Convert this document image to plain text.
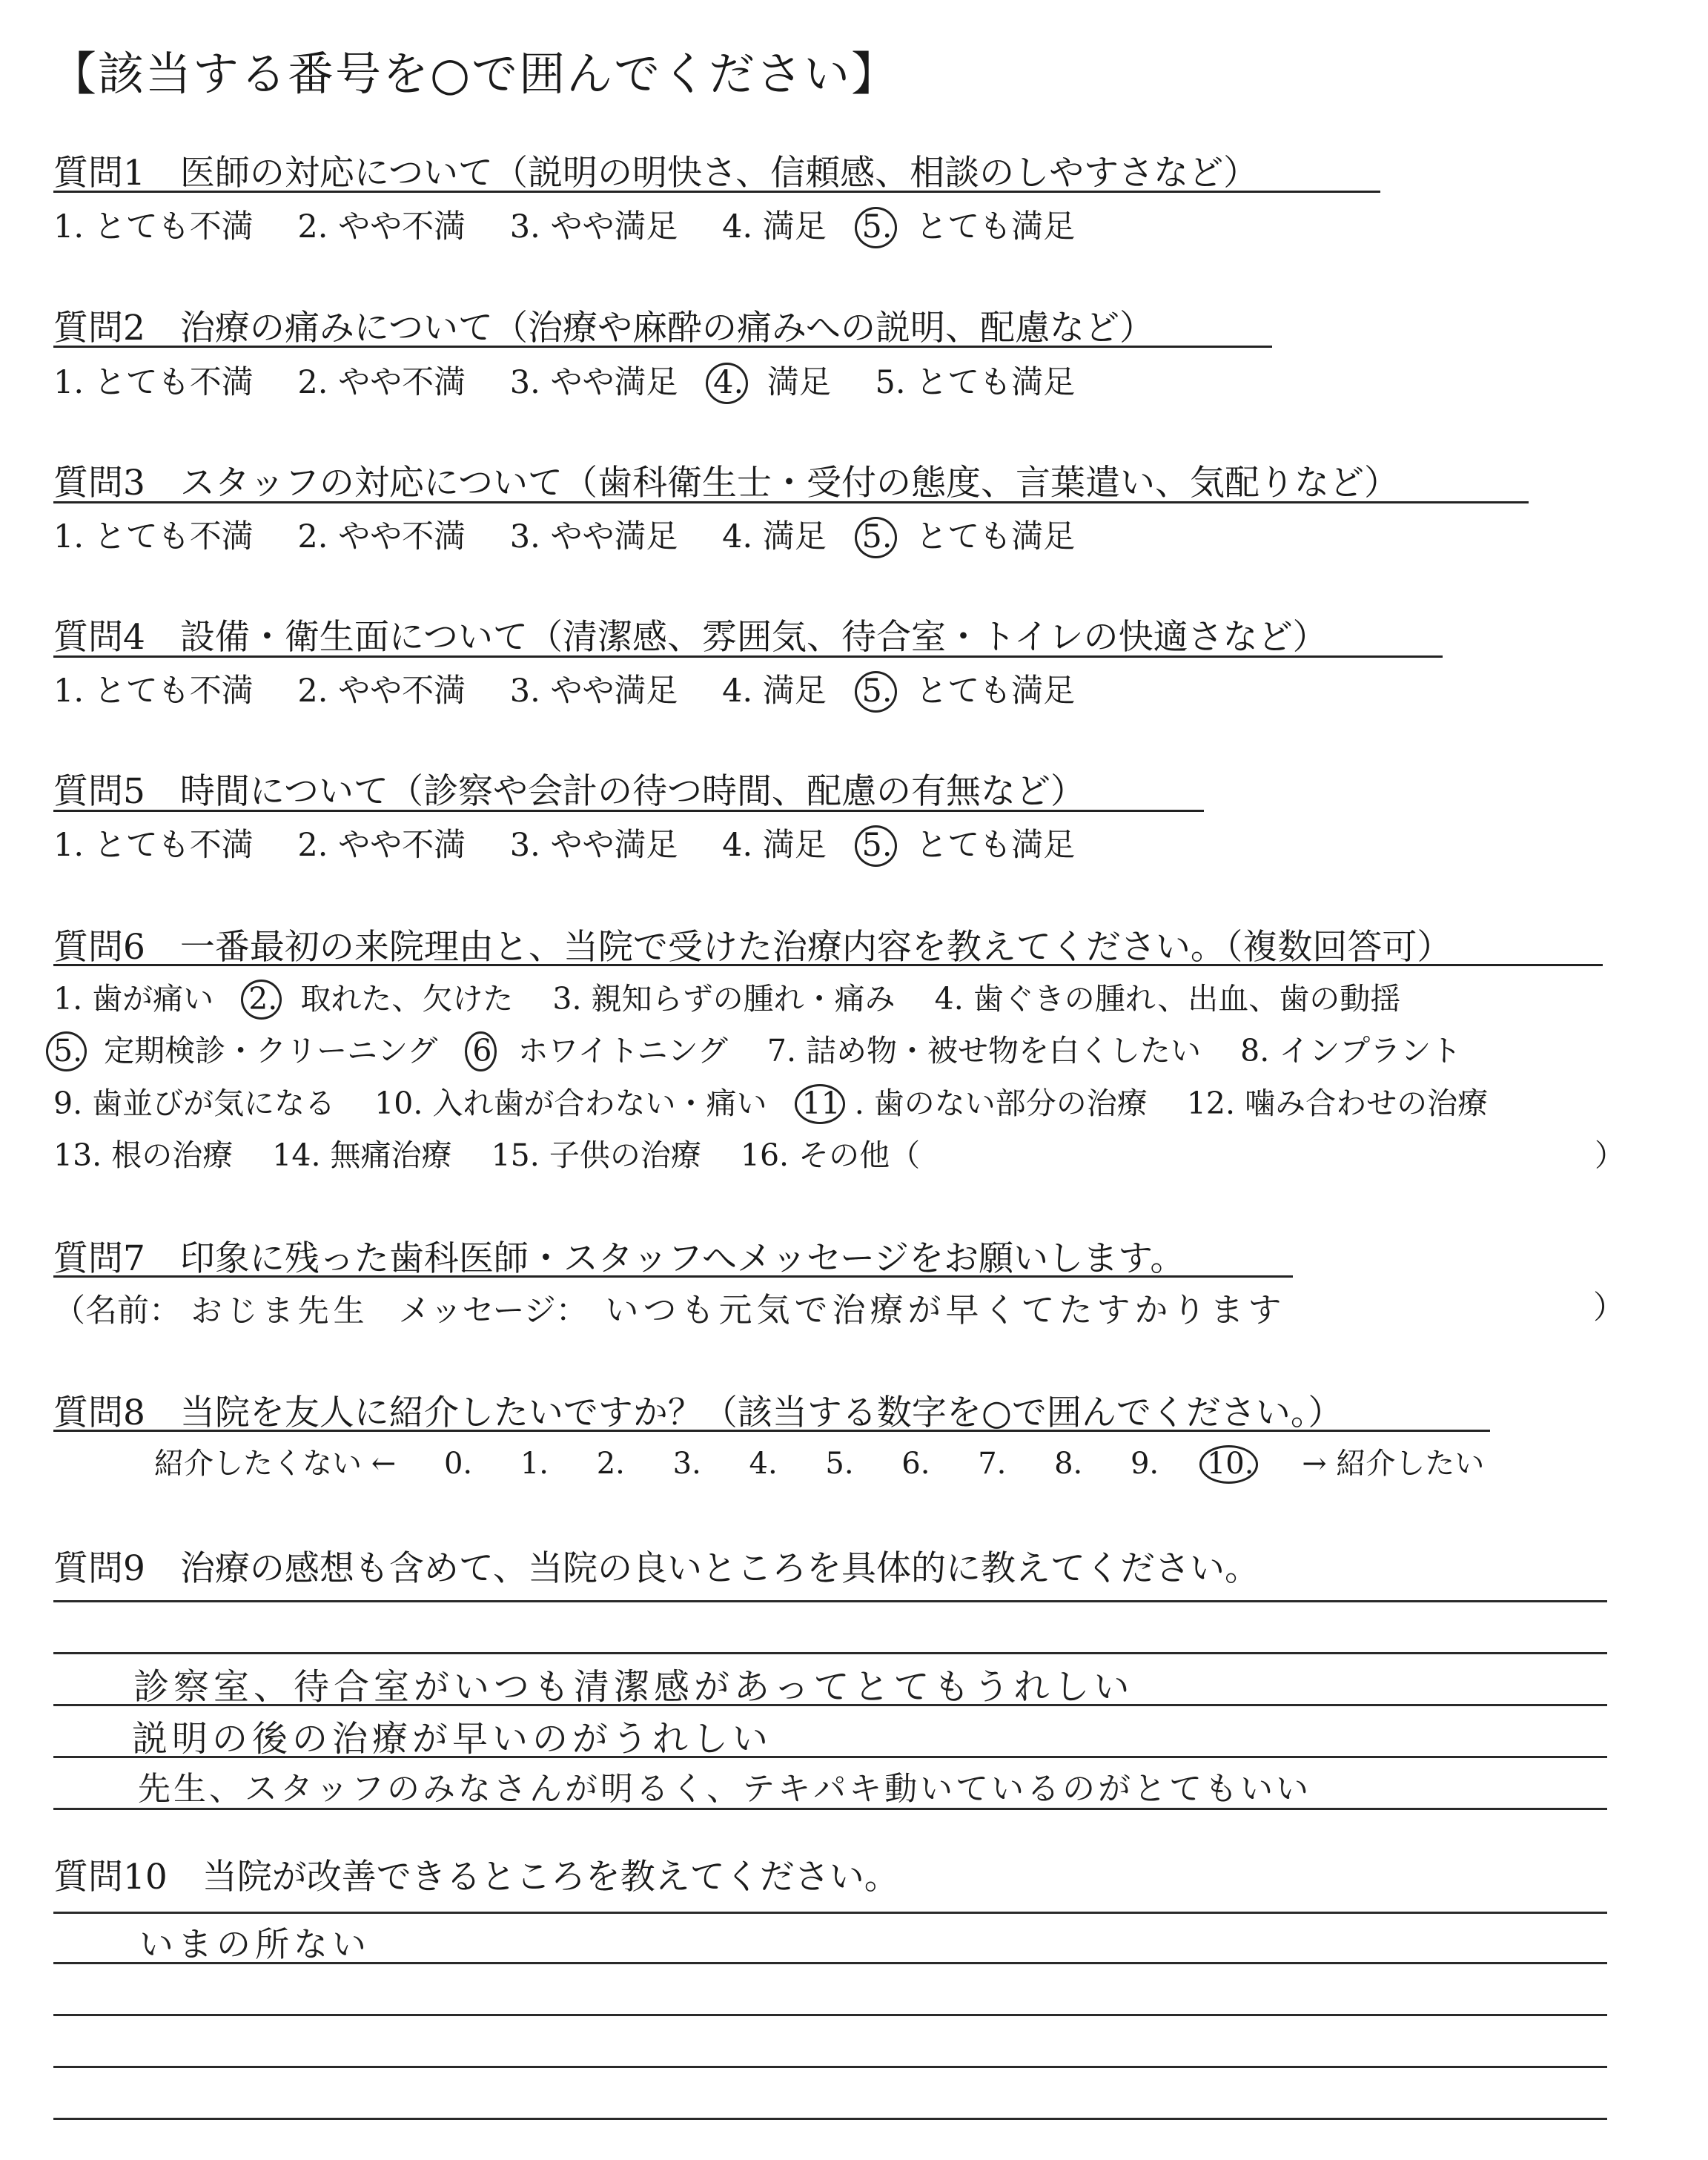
【該当する番号を○で囲んでください】
質問1　医師の対応について（説明の明快さ、信頼感、相談のしやすさなど）
1. とても不満 2. やや不満 3. やや満足 4. 満足 5. とても満足
質問2　治療の痛みについて（治療や麻酔の痛みへの説明、配慮など）
1. とても不満 2. やや不満 3. やや満足 4. 満足 5. とても満足
質問3　スタッフの対応について（歯科衛生士・受付の態度、言葉遣い、気配りなど）
1. とても不満 2. やや不満 3. やや満足 4. 満足 5. とても満足
質問4　設備・衛生面について（清潔感、雰囲気、待合室・トイレの快適さなど）
1. とても不満 2. やや不満 3. やや満足 4. 満足 5. とても満足
質問5　時間について（診察や会計の待つ時間、配慮の有無など）
1. とても不満 2. やや不満 3. やや満足 4. 満足 5. とても満足
質問6　一番最初の来院理由と、当院で受けた治療内容を教えてください。（複数回答可）
1. 歯が痛い 2. 取れた、欠けた 3. 親知らずの腫れ・痛み 4. 歯ぐきの腫れ、出血、歯の動揺
5. 定期検診・クリーニング 6 ホワイトニング 7. 詰め物・被せ物を白くしたい 8. インプラント
9. 歯並びが気になる 10. 入れ歯が合わない・痛い 11 . 歯のない部分の治療 12. 噛み合わせの治療
13. 根の治療 14. 無痛治療 15. 子供の治療 16. その他（	）
質問7　印象に残った歯科医師・スタッフへメッセージをお願いします。
（名前： おじま先生 メッセージ： いつも元気で治療が早くてたすかります	）
質問8　当院を友人に紹介したいですか？（該当する数字を○で囲んでください。）
紹介したくない ← 0. 1. 2. 3. 4. 5. 6. 7. 8. 9. 10. → 紹介したい
質問9　治療の感想も含めて、当院の良いところを具体的に教えてください。
診察室、待合室がいつも清潔感があってとてもうれしい
説明の後の治療が早いのがうれしい
先生、スタッフのみなさんが明るく、テキパキ動いているのがとてもいい
質問10　当院が改善できるところを教えてください。
いまの所ない
